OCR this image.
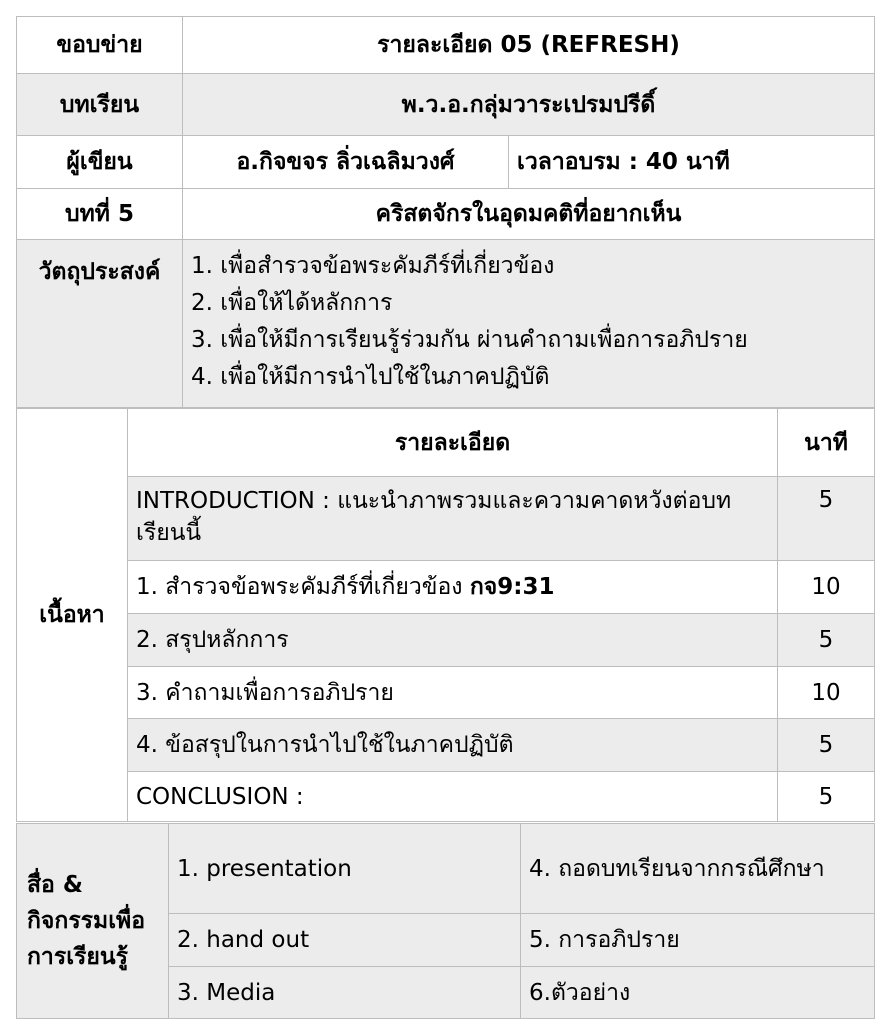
ขอบข่าย	รายละเอียด 05 (REFRESH)	
บทเรียน	พ.ว.อ.กลุ่มวาระเปรมปรีดิ์	
ผู้เขียน	อ.กิจขจร ลิ่วเฉลิมวงศ์	เวลาอบรม : 40 นาที
บทที่ 5	คริสตจักรในอุดมคติที่อยากเห็น	
วัตถุประสงค์	1. เพื่อสำรวจข้อพระคัมภีร์ที่เกี่ยวข้อง
2. เพื่อให้ได้หลักการ
3. เพื่อให้มีการเรียนรู้ร่วมกัน ผ่านคำถามเพื่อการอภิปราย
4. เพื่อให้มีการนำไปใช้ในภาคปฏิบัติ	
เนื้อหา	รายละเอียด	นาที
	INTRODUCTION : แนะนำภาพรวมและความคาดหวังต่อบทเรียนนี้	5
	1. สำรวจข้อพระคัมภีร์ที่เกี่ยวข้อง กจ9:31	10
	2. สรุปหลักการ	5
	3. คำถามเพื่อการอภิปราย	10
	4. ข้อสรุปในการนำไปใช้ในภาคปฏิบัติ	5
	CONCLUSION :	5
สื่อ & กิจกรรมเพื่อการเรียนรู้	1. presentation	4. ถอดบทเรียนจากกรณีศึกษา
	2. hand out	5. การอภิปราย
	3. Media	6.ตัวอย่าง
